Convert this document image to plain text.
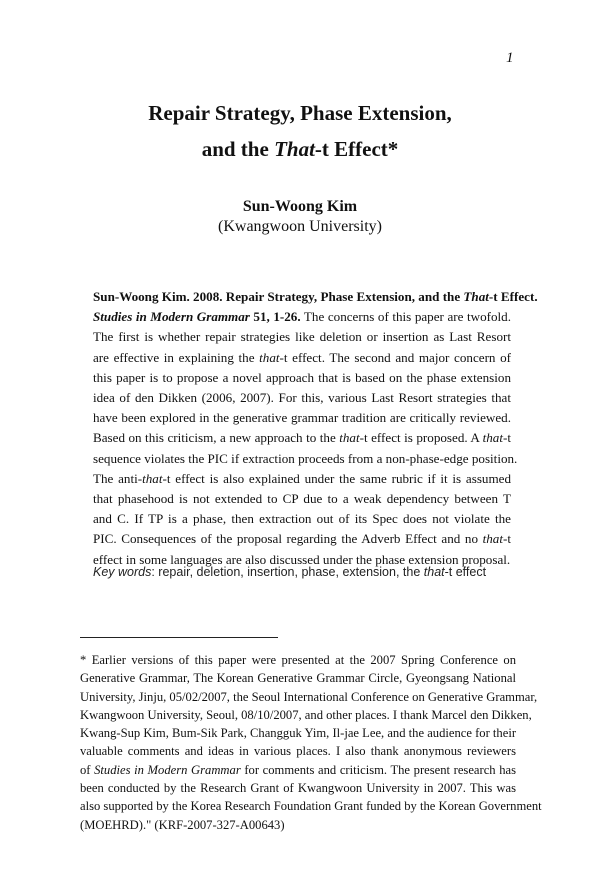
1
Repair Strategy, Phase Extension,
and the That-t Effect*
Sun-Woong Kim
(Kwangwoon University)
Sun-Woong Kim. 2008. Repair Strategy, Phase Extension, and the That-t Effect.
Studies in Modern Grammar 51, 1-26. The concerns of this paper are twofold.
The first is whether repair strategies like deletion or insertion as Last Resort
are effective in explaining the that-t effect. The second and major concern of
this paper is to propose a novel approach that is based on the phase extension
idea of den Dikken (2006, 2007). For this, various Last Resort strategies that
have been explored in the generative grammar tradition are critically reviewed.
Based on this criticism, a new approach to the that-t effect is proposed. A that-t
sequence violates the PIC if extraction proceeds from a non-phase-edge position.
The anti-that-t effect is also explained under the same rubric if it is assumed
that phasehood is not extended to CP due to a weak dependency between T
and C. If TP is a phase, then extraction out of its Spec does not violate the
PIC. Consequences of the proposal regarding the Adverb Effect and no that-t
effect in some languages are also discussed under the phase extension proposal.
Key words: repair, deletion, insertion, phase, extension, the that-t effect
* Earlier versions of this paper were presented at the 2007 Spring Conference on
Generative Grammar, The Korean Generative Grammar Circle, Gyeongsang National
University, Jinju, 05/02/2007, the Seoul International Conference on Generative Grammar,
Kwangwoon University, Seoul, 08/10/2007, and other places. I thank Marcel den Dikken,
Kwang-Sup Kim, Bum-Sik Park, Changguk Yim, Il-jae Lee, and the audience for their
valuable comments and ideas in various places. I also thank anonymous reviewers
of Studies in Modern Grammar for comments and criticism. The present research has
been conducted by the Research Grant of Kwangwoon University in 2007. This was
also supported by the Korea Research Foundation Grant funded by the Korean Government
(MOEHRD)." (KRF-2007-327-A00643)
